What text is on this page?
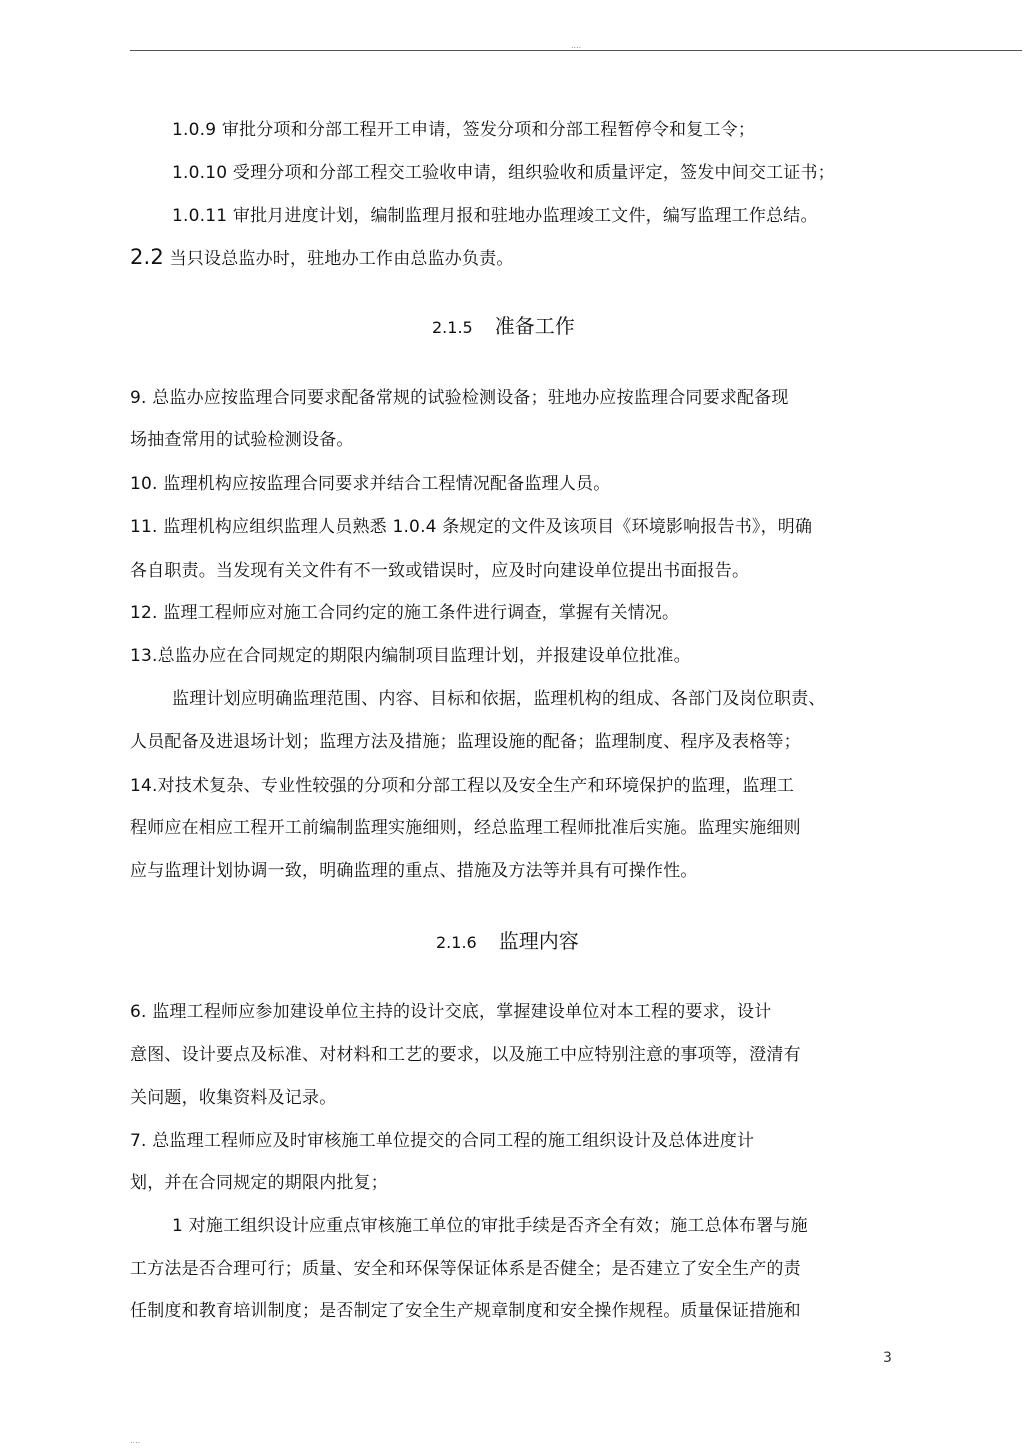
....
1.0.9 审批分项和分部工程开工申请，签发分项和分部工程暂停令和复工令；
1.0.10 受理分项和分部工程交工验收申请，组织验收和质量评定，签发中间交工证书；
1.0.11 审批月进度计划，编制监理月报和驻地办监理竣工文件，编写监理工作总结。
2.2 当只设总监办时，驻地办工作由总监办负责。
2.1.5 准备工作
9. 总监办应按监理合同要求配备常规的试验检测设备；驻地办应按监理合同要求配备现
场抽查常用的试验检测设备。
10. 监理机构应按监理合同要求并结合工程情况配备监理人员。
11. 监理机构应组织监理人员熟悉 1.0.4 条规定的文件及该项目《环境影响报告书》，明确
各自职责。当发现有关文件有不一致或错误时，应及时向建设单位提出书面报告。
12. 监理工程师应对施工合同约定的施工条件进行调查，掌握有关情况。
13.总监办应在合同规定的期限内编制项目监理计划，并报建设单位批准。
监理计划应明确监理范围、内容、目标和依据，监理机构的组成、各部门及岗位职责、
人员配备及进退场计划；监理方法及措施；监理设施的配备；监理制度、程序及表格等；
14.对技术复杂、专业性较强的分项和分部工程以及安全生产和环境保护的监理，监理工
程师应在相应工程开工前编制监理实施细则，经总监理工程师批准后实施。监理实施细则
应与监理计划协调一致，明确监理的重点、措施及方法等并具有可操作性。
2.1.6 监理内容
6. 监理工程师应参加建设单位主持的设计交底，掌握建设单位对本工程的要求，设计
意图、设计要点及标准、对材料和工艺的要求，以及施工中应特别注意的事项等，澄清有
关问题，收集资料及记录。
7. 总监理工程师应及时审核施工单位提交的合同工程的施工组织设计及总体进度计
划，并在合同规定的期限内批复；
1 对施工组织设计应重点审核施工单位的审批手续是否齐全有效；施工总体布署与施
工方法是否合理可行；质量、安全和环保等保证体系是否健全；是否建立了安全生产的责
任制度和教育培训制度；是否制定了安全生产规章制度和安全操作规程。质量保证措施和
3
....
